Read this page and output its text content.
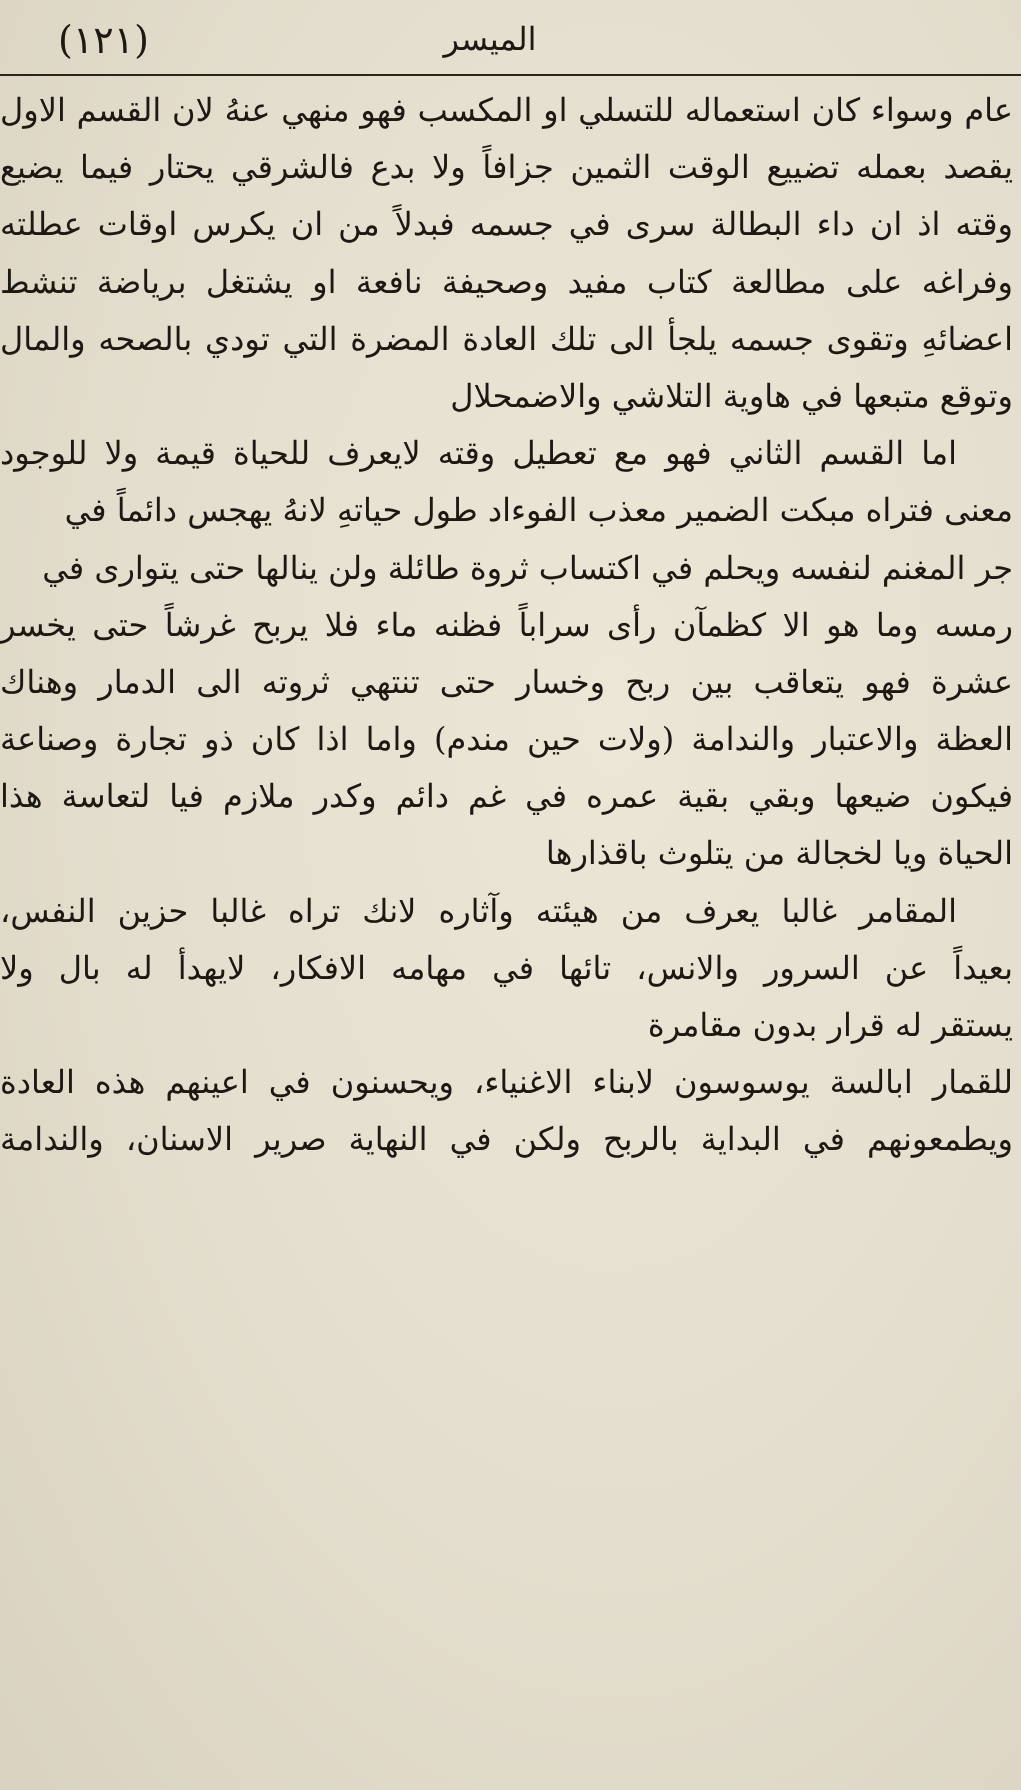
(١٢١)	الميسر
عام وسواء كان استعماله للتسلي او المكسب فهو منهي عنهُ لان القسم الاول
يقصد بعمله تضييع الوقت الثمين جزافاً ولا بدع فالشرقي يحتار فيما يضيع
وقته اذ ان داء البطالة سرى في جسمه فبدلاً من ان يكرس اوقات عطلته
وفراغه على مطالعة كتاب مفيد وصحيفة نافعة او يشتغل برياضة تنشط
اعضائهِ وتقوى جسمه يلجأ الى تلك العادة المضرة التي تودي بالصحه والمال
وتوقع متبعها في هاوية التلاشي والاضمحلال
اما القسم الثاني فهو مع تعطيل وقته لايعرف للحياة قيمة ولا للوجود
معنى فتراه مبكت الضمير معذب الفوءاد طول حياتهِ لانهُ يهجس دائماً في
جر المغنم لنفسه ويحلم في اكتساب ثروة طائلة ولن ينالها حتى يتوارى في
رمسه وما هو الا كظمآن رأى سراباً فظنه ماء فلا يربح غرشاً حتى يخسر
عشرة فهو يتعاقب بين ربح وخسار حتى تنتهي ثروته الى الدمار وهناك
العظة والاعتبار والندامة (ولات حين مندم) واما اذا كان ذو تجارة وصناعة
فيكون ضيعها وبقي بقية عمره في غم دائم وكدر ملازم فيا لتعاسة هذا
الحياة ويا لخجالة من يتلوث باقذارها
المقامر غالبا يعرف من هيئته وآثاره لانك تراه غالبا حزين النفس،
بعيداً عن السرور والانس، تائها في مهامه الافكار، لايهدأ له بال ولا
يستقر له قرار بدون مقامرة
للقمار ابالسة يوسوسون لابناء الاغنياء، ويحسنون في اعينهم هذه العادة
ويطمعونهم في البداية بالربح ولكن في النهاية صرير الاسنان، والندامة
